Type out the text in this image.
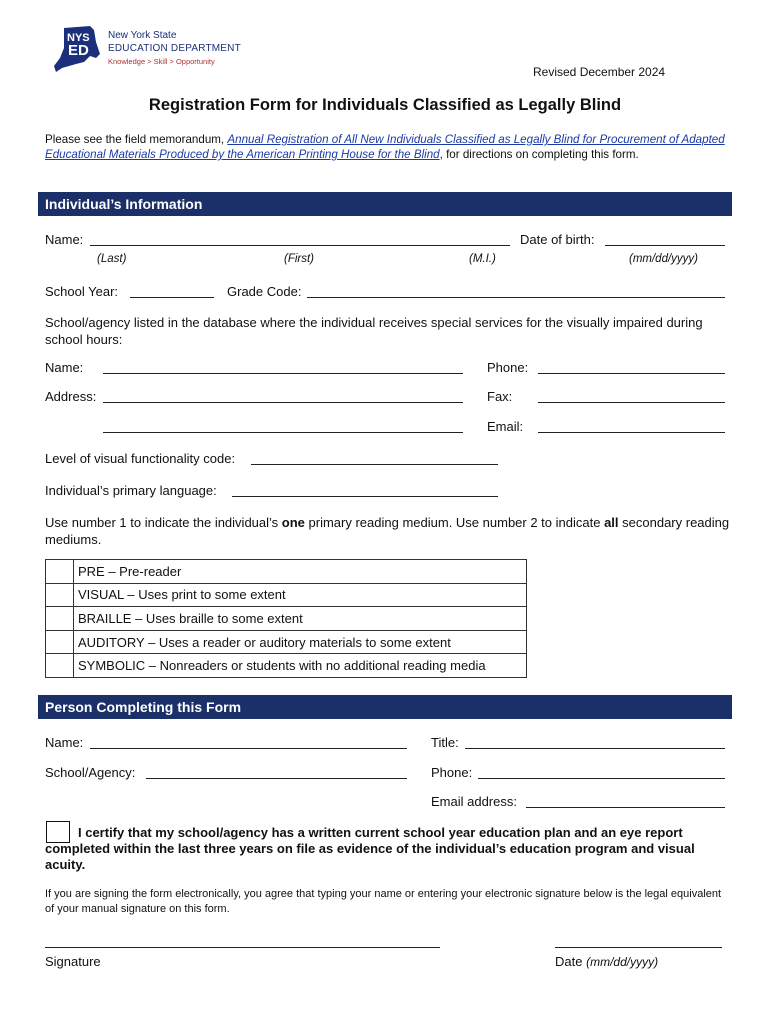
NYS
ED
New York State
EDUCATION DEPARTMENT
Knowledge > Skill > Opportunity
Revised December 2024
Registration Form for Individuals Classified as Legally Blind
Please see the field memorandum, Annual Registration of All New Individuals Classified as Legally Blind for Procurement of Adapted Educational Materials Produced by the American Printing House for the Blind, for directions on completing this form.
Individual’s Information
Name:	Date of birth:
(Last)	(First)	(M.I.)	(mm/dd/yyyy)
School Year:	Grade Code:
School/agency listed in the database where the individual receives special services for the visually impaired during school hours:
Name:	Phone:
Address:	Fax:
Email:
Level of visual functionality code:
Individual’s primary language:
Use number 1 to indicate the individual’s one primary reading medium. Use number 2 to indicate all secondary reading mediums.
	PRE – Pre-reader
	VISUAL – Uses print to some extent
	BRAILLE – Uses braille to some extent
	AUDITORY – Uses a reader or auditory materials to some extent
	SYMBOLIC – Nonreaders or students with no additional reading media
Person Completing this Form
Name:	Title:
School/Agency:	Phone:
Email address:
I certify that my school/agency has a written current school year education plan and an eye report completed within the last three years on file as evidence of the individual’s education program and visual acuity.
If you are signing the form electronically, you agree that typing your name or entering your electronic signature below is the legal equivalent of your manual signature on this form.
Signature	Date (mm/dd/yyyy)
